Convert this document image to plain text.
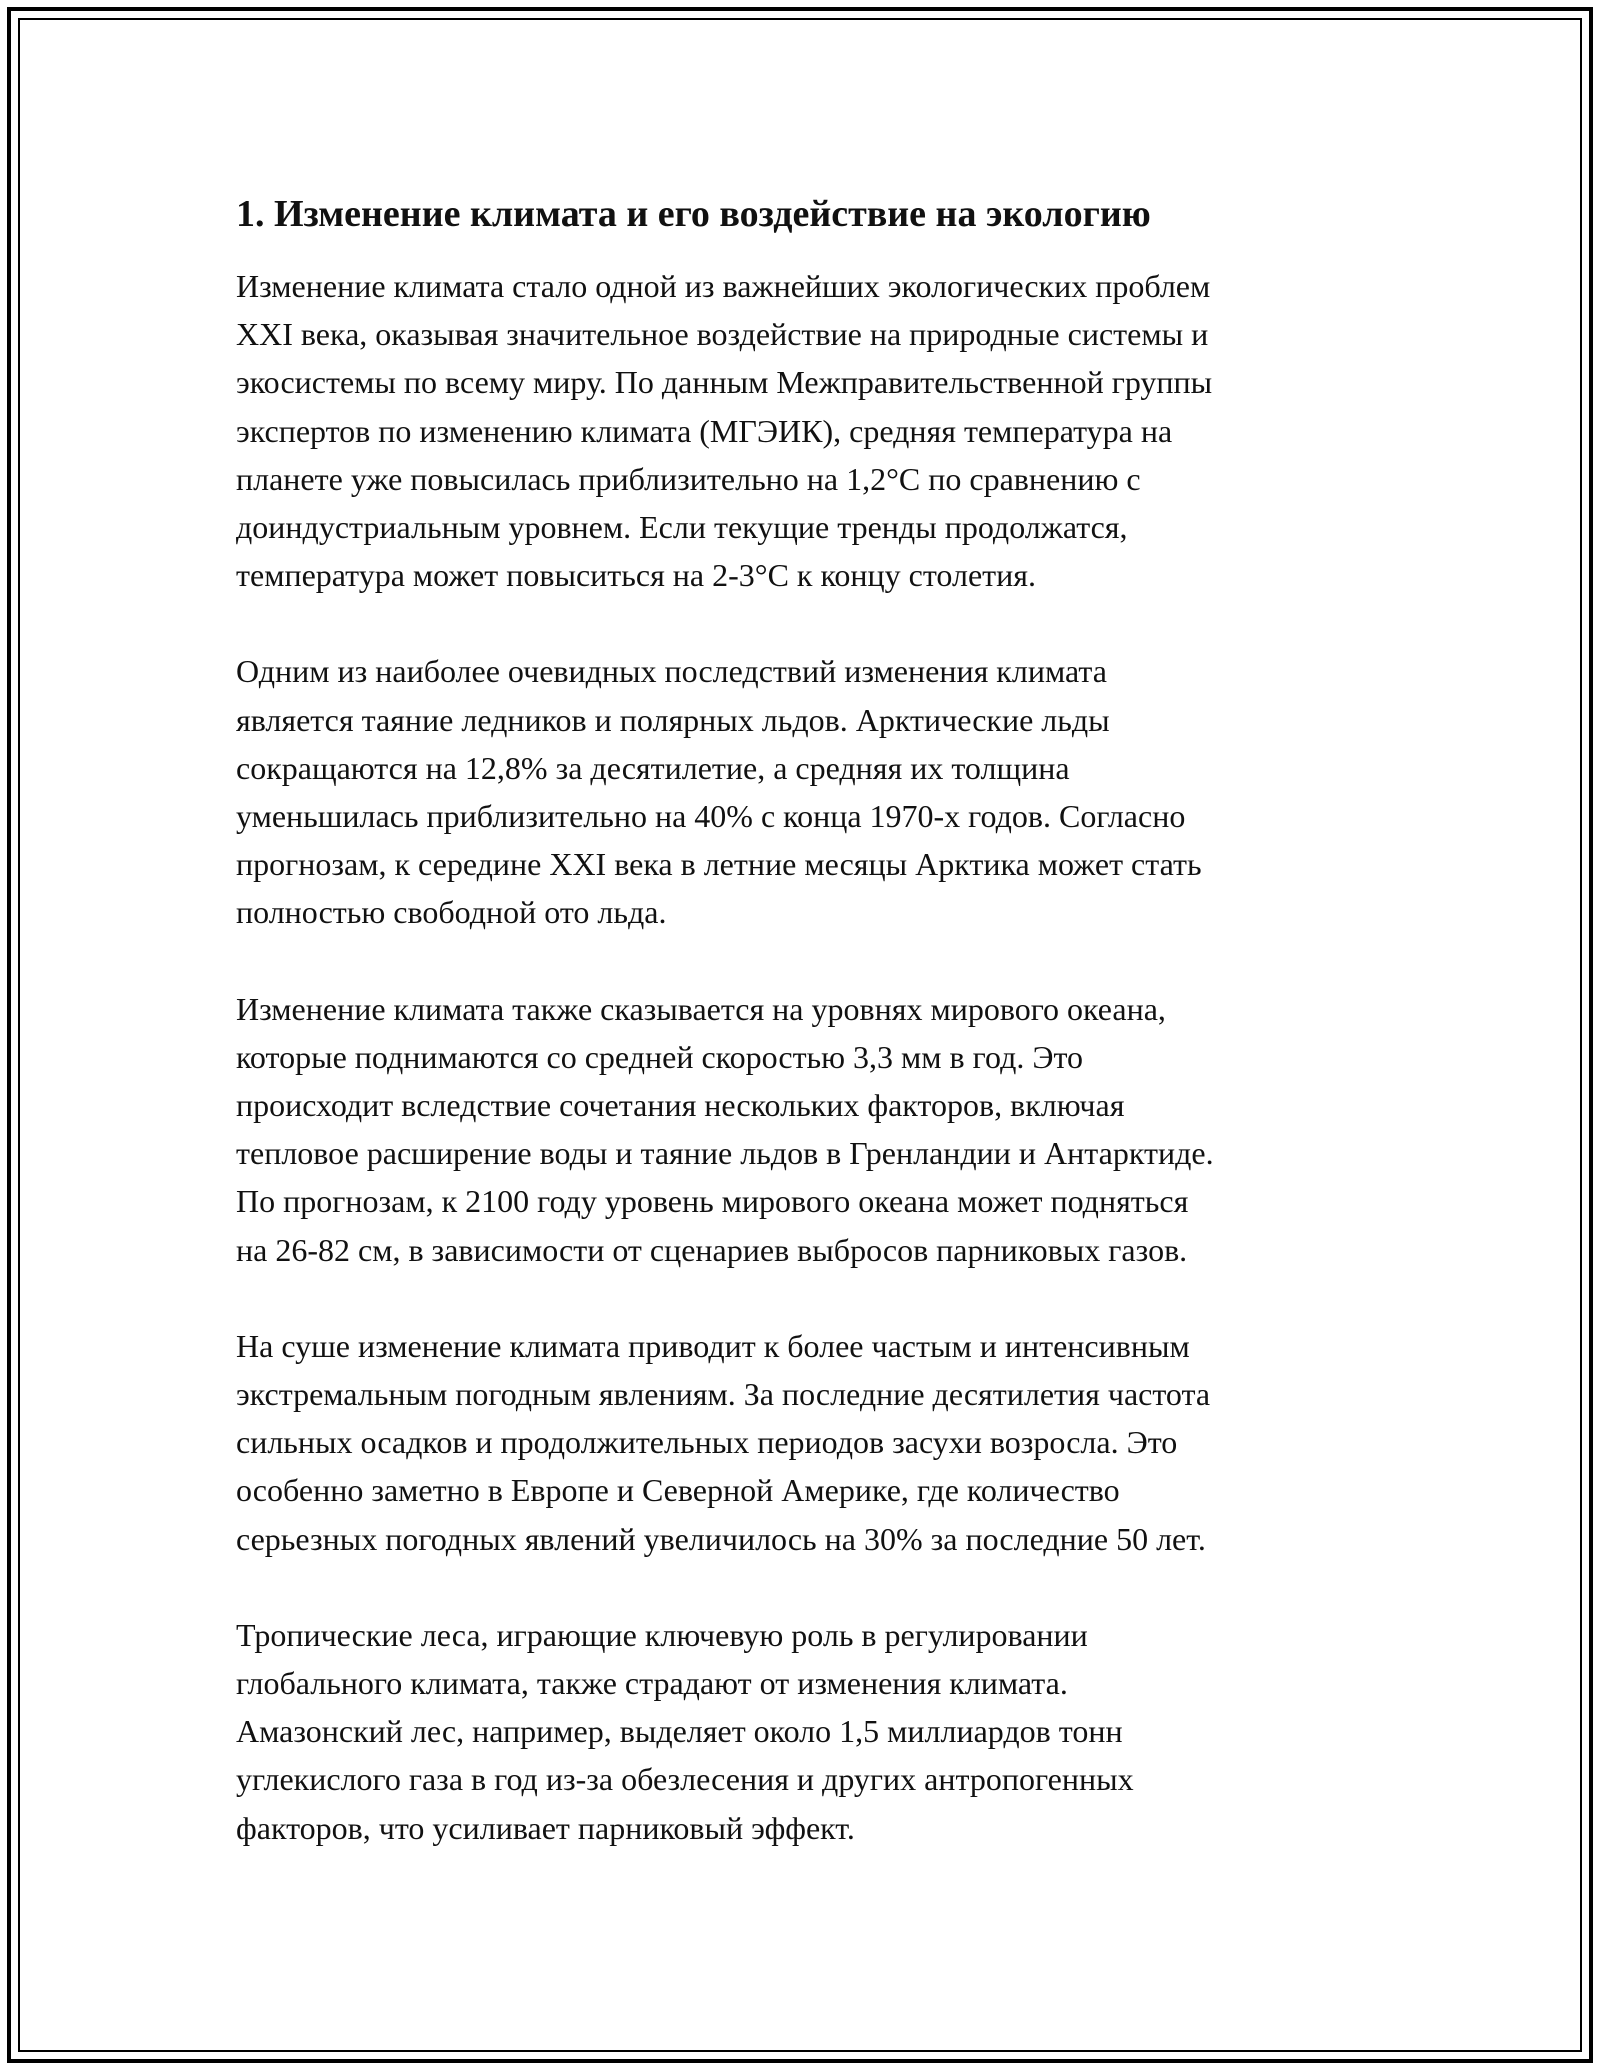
1. Изменение климата и его воздействие на экологию

Изменение климата стало одной из важнейших экологических проблем
XXI века, оказывая значительное воздействие на природные системы и
экосистемы по всему миру. По данным Межправительственной группы
экспертов по изменению климата (МГЭИК), средняя температура на
планете уже повысилась приблизительно на 1,2°C по сравнению с
доиндустриальным уровнем. Если текущие тренды продолжатся,
температура может повыситься на 2-3°C к концу столетия.

Одним из наиболее очевидных последствий изменения климата
является таяние ледников и полярных льдов. Арктические льды
сокращаются на 12,8% за десятилетие, а средняя их толщина
уменьшилась приблизительно на 40% с конца 1970-х годов. Согласно
прогнозам, к середине XXI века в летние месяцы Арктика может стать
полностью свободной ото льда.

Изменение климата также сказывается на уровнях мирового океана,
которые поднимаются со средней скоростью 3,3 мм в год. Это
происходит вследствие сочетания нескольких факторов, включая
тепловое расширение воды и таяние льдов в Гренландии и Антарктиде.
По прогнозам, к 2100 году уровень мирового океана может подняться
на 26-82 см, в зависимости от сценариев выбросов парниковых газов.

На суше изменение климата приводит к более частым и интенсивным
экстремальным погодным явлениям. За последние десятилетия частота
сильных осадков и продолжительных периодов засухи возросла. Это
особенно заметно в Европе и Северной Америке, где количество
серьезных погодных явлений увеличилось на 30% за последние 50 лет.

Тропические леса, играющие ключевую роль в регулировании
глобального климата, также страдают от изменения климата.
Амазонский лес, например, выделяет около 1,5 миллиардов тонн
углекислого газа в год из-за обезлесения и других антропогенных
факторов, что усиливает парниковый эффект.
